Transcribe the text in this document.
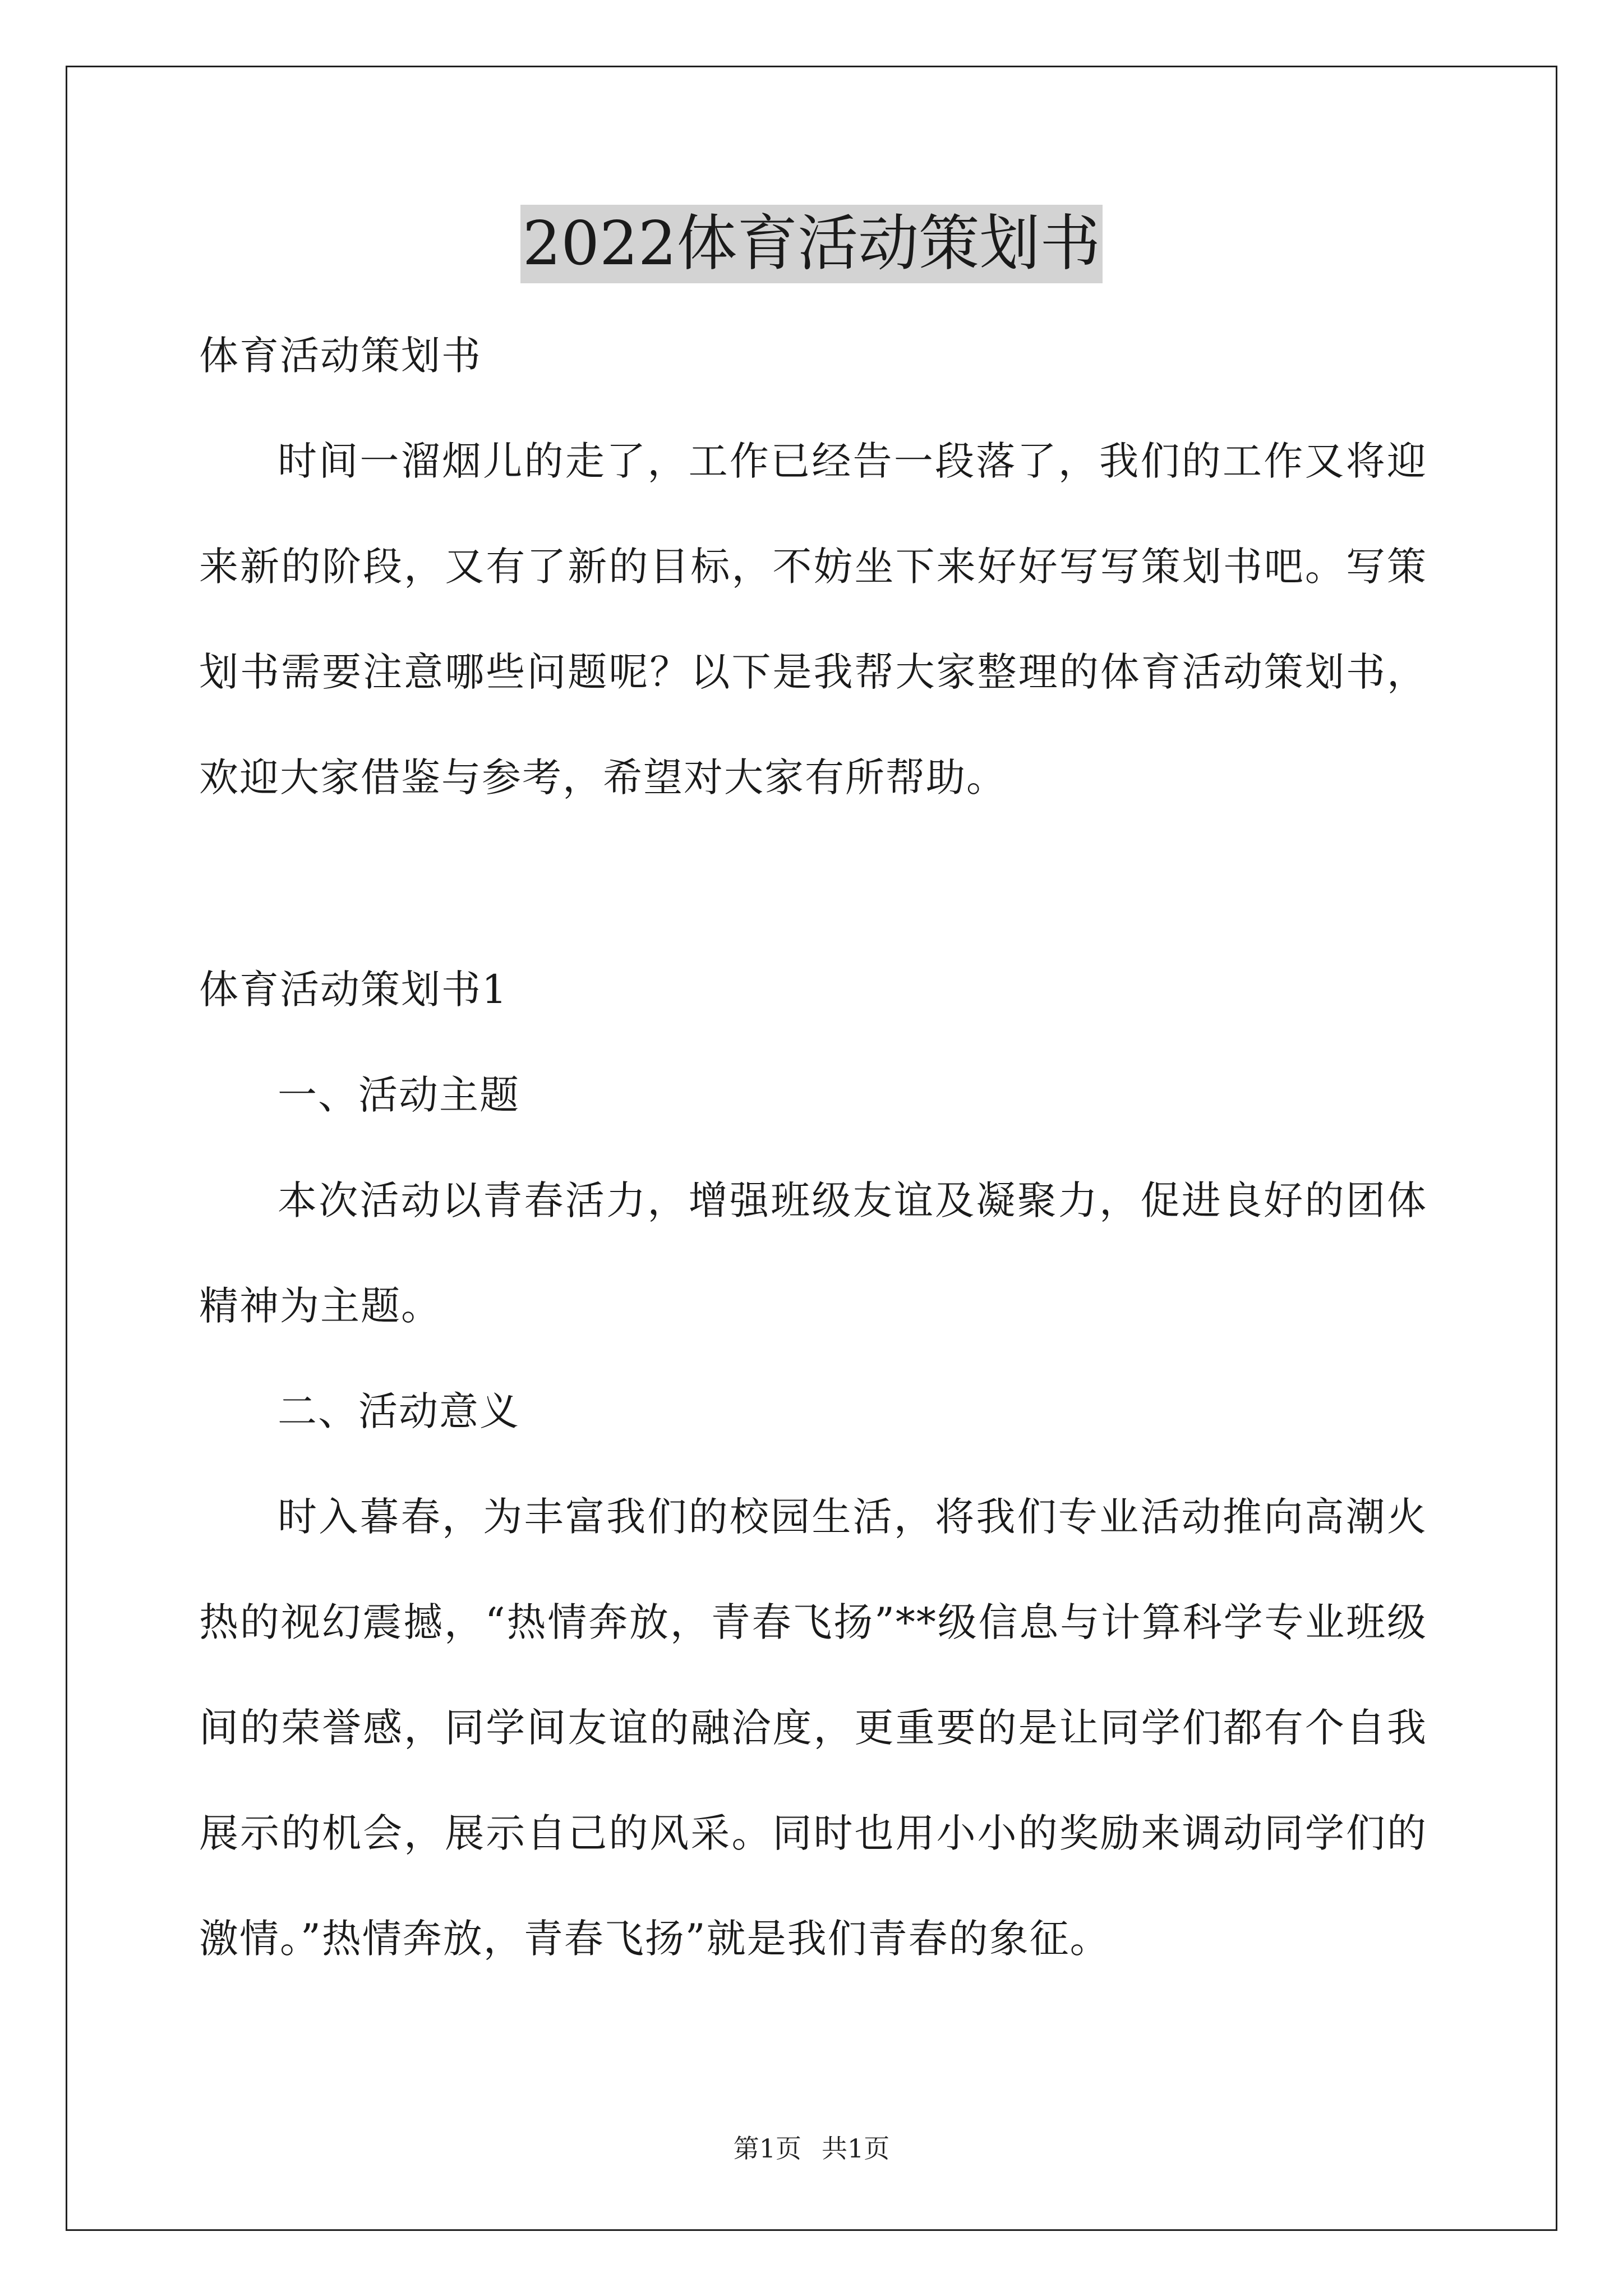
2022体育活动策划书

体育活动策划书

时间一溜烟儿的走了，工作已经告一段落了，我们的工作又将迎来新的阶段，又有了新的目标，不妨坐下来好好写写策划书吧。写策划书需要注意哪些问题呢？以下是我帮大家整理的体育活动策划书，欢迎大家借鉴与参考，希望对大家有所帮助。

体育活动策划书1

一、活动主题

本次活动以青春活力，增强班级友谊及凝聚力，促进良好的团体精神为主题。

二、活动意义

时入暮春，为丰富我们的校园生活，将我们专业活动推向高潮火热的视幻震撼，“热情奔放，青春飞扬”**级信息与计算科学专业班级间的荣誉感，同学间友谊的融洽度，更重要的是让同学们都有个自我展示的机会，展示自己的风采。同时也用小小的奖励来调动同学们的激情。”热情奔放，青春飞扬”就是我们青春的象征。

第1页 共1页
